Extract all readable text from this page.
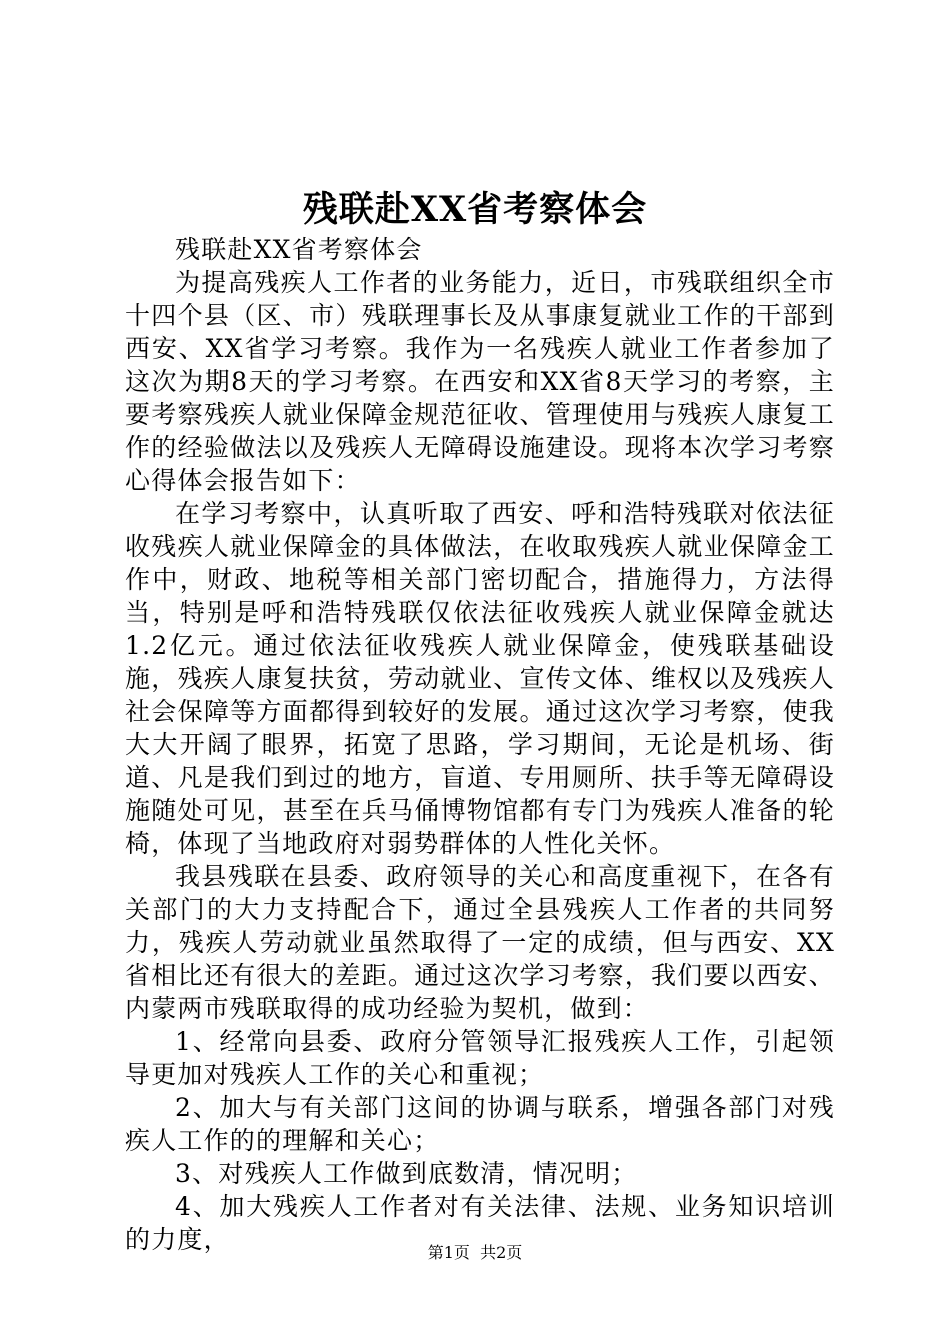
残联赴XX省考察体会

残联赴XX省考察体会

为提高残疾人工作者的业务能力，近日，市残联组织全市十四个县（区、市）残联理事长及从事康复就业工作的干部到西安、XX省学习考察。我作为一名残疾人就业工作者参加了这次为期8天的学习考察。在西安和XX省8天学习的考察，主要考察残疾人就业保障金规范征收、管理使用与残疾人康复工作的经验做法以及残疾人无障碍设施建设。现将本次学习考察心得体会报告如下：

在学习考察中，认真听取了西安、呼和浩特残联对依法征收残疾人就业保障金的具体做法，在收取残疾人就业保障金工作中，财政、地税等相关部门密切配合，措施得力，方法得当，特别是呼和浩特残联仅依法征收残疾人就业保障金就达1.2亿元。通过依法征收残疾人就业保障金，使残联基础设施，残疾人康复扶贫，劳动就业、宣传文体、维权以及残疾人社会保障等方面都得到较好的发展。通过这次学习考察，使我大大开阔了眼界，拓宽了思路，学习期间，无论是机场、街道、凡是我们到过的地方，盲道、专用厕所、扶手等无障碍设施随处可见，甚至在兵马俑博物馆都有专门为残疾人准备的轮椅，体现了当地政府对弱势群体的人性化关怀。

我县残联在县委、政府领导的关心和高度重视下，在各有关部门的大力支持配合下，通过全县残疾人工作者的共同努力，残疾人劳动就业虽然取得了一定的成绩，但与西安、XX省相比还有很大的差距。通过这次学习考察，我们要以西安、内蒙两市残联取得的成功经验为契机，做到：

1、经常向县委、政府分管领导汇报残疾人工作，引起领导更加对残疾人工作的关心和重视；

2、加大与有关部门这间的协调与联系，增强各部门对残疾人工作的的理解和关心；

3、对残疾人工作做到底数清，情况明；

4、加大残疾人工作者对有关法律、法规、业务知识培训的力度，	第1页 共2页
